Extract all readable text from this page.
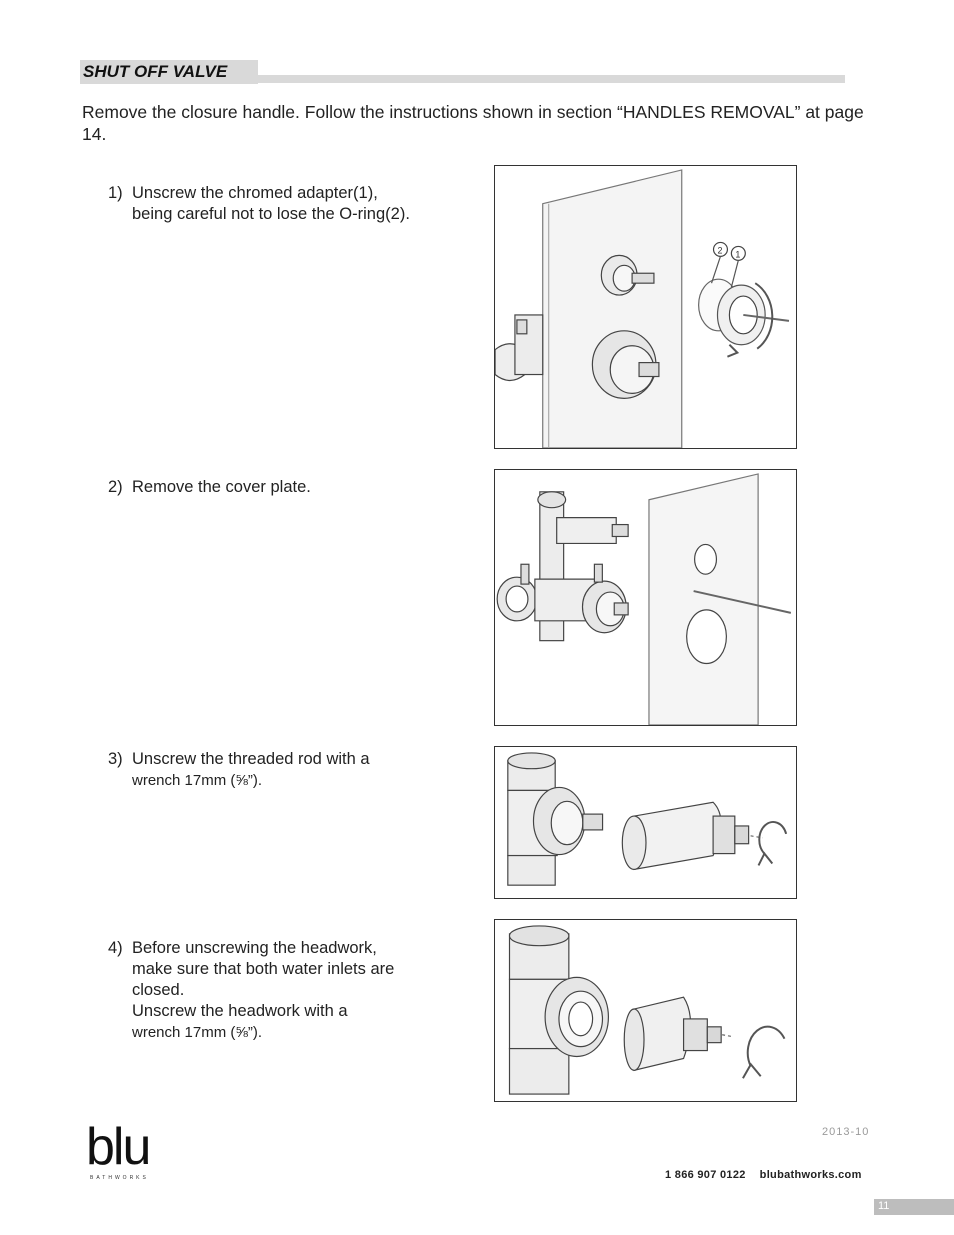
SHUT OFF VALVE
Remove the closure handle. Follow the instructions shown in section “HANDLES REMOVAL” at page 14.
1) Unscrew the chromed adapter(1),
being careful not to lose the O-ring(2).
2 1
2) Remove the cover plate.
3) Unscrew the threaded rod with a
wrench 17mm (⅝”).
4) Before unscrewing the headwork,
make sure that both water inlets are
closed.
Unscrew the headwork with a
wrench 17mm (⅝”).
blu
BATHWORKS
2013-10
1 866 907 0122 blubathworks.com
11
